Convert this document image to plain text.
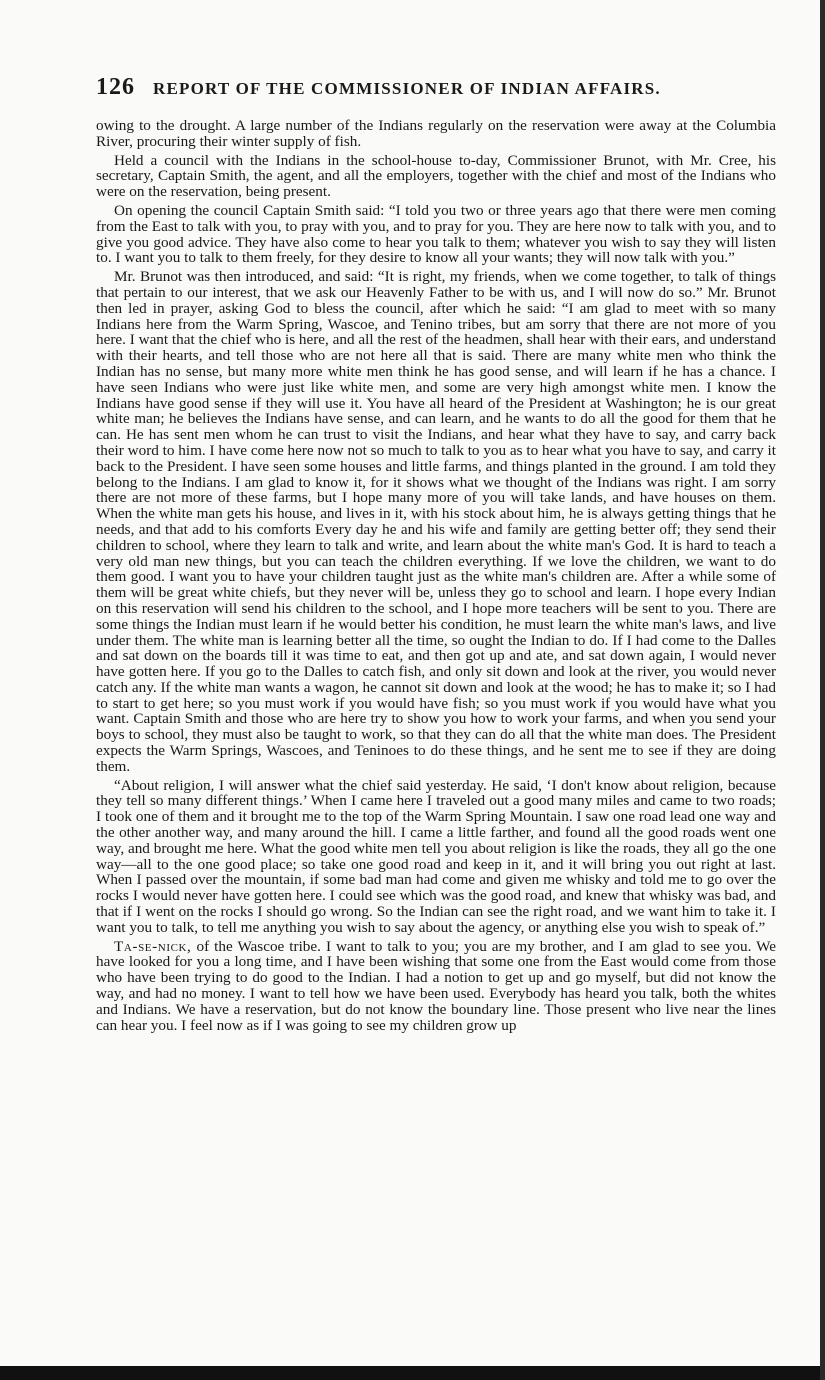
126 REPORT OF THE COMMISSIONER OF INDIAN AFFAIRS.

owing to the drought. A large number of the Indians regularly on the reservation were away at the Columbia River, procuring their winter supply of fish.

Held a council with the Indians in the school-house to-day, Commissioner Brunot, with Mr. Cree, his secretary, Captain Smith, the agent, and all the employers, together with the chief and most of the Indians who were on the reservation, being present.

On opening the council Captain Smith said: “I told you two or three years ago that there were men coming from the East to talk with you, to pray with you, and to pray for you. They are here now to talk with you, and to give you good advice. They have also come to hear you talk to them; whatever you wish to say they will listen to. I want you to talk to them freely, for they desire to know all your wants; they will now talk with you.”

Mr. Brunot was then introduced, and said: “It is right, my friends, when we come together, to talk of things that pertain to our interest, that we ask our Heavenly Father to be with us, and I will now do so.” Mr. Brunot then led in prayer, asking God to bless the council, after which he said: “I am glad to meet with so many Indians here from the Warm Spring, Wascoe, and Tenino tribes, but am sorry that there are not more of you here. I want that the chief who is here, and all the rest of the headmen, shall hear with their ears, and understand with their hearts, and tell those who are not here all that is said. There are many white men who think the Indian has no sense, but many more white men think he has good sense, and will learn if he has a chance. I have seen Indians who were just like white men, and some are very high amongst white men. I know the Indians have good sense if they will use it. You have all heard of the President at Washington; he is our great white man; he believes the Indians have sense, and can learn, and he wants to do all the good for them that he can. He has sent men whom he can trust to visit the Indians, and hear what they have to say, and carry back their word to him. I have come here now not so much to talk to you as to hear what you have to say, and carry it back to the President. I have seen some houses and little farms, and things planted in the ground. I am told they belong to the Indians. I am glad to know it, for it shows what we thought of the Indians was right. I am sorry there are not more of these farms, but I hope many more of you will take lands, and have houses on them. When the white man gets his house, and lives in it, with his stock about him, he is always getting things that he needs, and that add to his comforts Every day he and his wife and family are getting better off; they send their children to school, where they learn to talk and write, and learn about the white man's God. It is hard to teach a very old man new things, but you can teach the children everything. If we love the children, we want to do them good. I want you to have your children taught just as the white man's children are. After a while some of them will be great white chiefs, but they never will be, unless they go to school and learn. I hope every Indian on this reservation will send his children to the school, and I hope more teachers will be sent to you. There are some things the Indian must learn if he would better his condition, he must learn the white man's laws, and live under them. The white man is learning better all the time, so ought the Indian to do. If I had come to the Dalles and sat down on the boards till it was time to eat, and then got up and ate, and sat down again, I would never have gotten here. If you go to the Dalles to catch fish, and only sit down and look at the river, you would never catch any. If the white man wants a wagon, he cannot sit down and look at the wood; he has to make it; so I had to start to get here; so you must work if you would have fish; so you must work if you would have what you want. Captain Smith and those who are here try to show you how to work your farms, and when you send your boys to school, they must also be taught to work, so that they can do all that the white man does. The President expects the Warm Springs, Wascoes, and Teninoes to do these things, and he sent me to see if they are doing them.

“About religion, I will answer what the chief said yesterday. He said, ‘I don't know about religion, because they tell so many different things.’ When I came here I traveled out a good many miles and came to two roads; I took one of them and it brought me to the top of the Warm Spring Mountain. I saw one road lead one way and the other another way, and many around the hill. I came a little farther, and found all the good roads went one way, and brought me here. What the good white men tell you about religion is like the roads, they all go the one way—all to the one good place; so take one good road and keep in it, and it will bring you out right at last. When I passed over the mountain, if some bad man had come and given me whisky and told me to go over the rocks I would never have gotten here. I could see which was the good road, and knew that whisky was bad, and that if I went on the rocks I should go wrong. So the Indian can see the right road, and we want him to take it. I want you to talk, to tell me anything you wish to say about the agency, or anything else you wish to speak of.”

Ta-se-nick, of the Wascoe tribe. I want to talk to you; you are my brother, and I am glad to see you. We have looked for you a long time, and I have been wishing that some one from the East would come from those who have been trying to do good to the Indian. I had a notion to get up and go myself, but did not know the way, and had no money. I want to tell how we have been used. Everybody has heard you talk, both the whites and Indians. We have a reservation, but do not know the boundary line. Those present who live near the lines can hear you. I feel now as if I was going to see my children grow up
